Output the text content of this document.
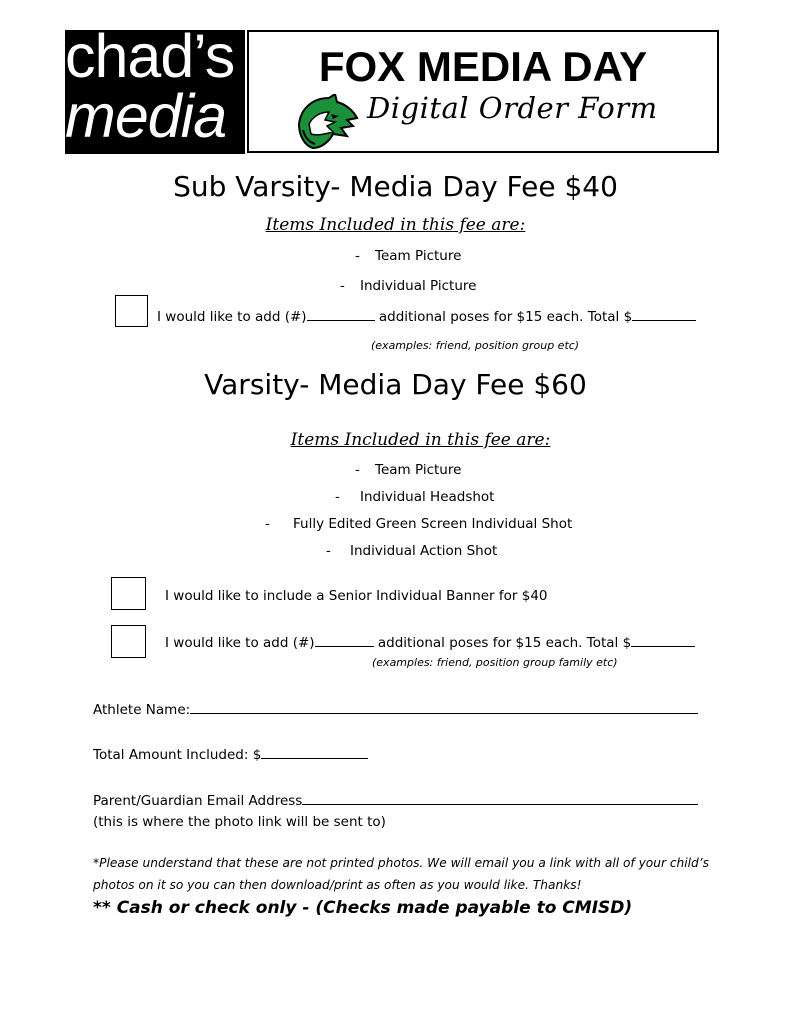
chad’s
media
FOX MEDIA DAY
Digital Order Form
Sub Varsity- Media Day Fee $40
Items Included in this fee are:
- Team Picture
- Individual Picture
I would like to add (#)	additional poses for $15 each. Total $
(examples: friend, position group etc)
Varsity- Media Day Fee $60
Items Included in this fee are:
- Team Picture
- Individual Headshot
- Fully Edited Green Screen Individual Shot
- Individual Action Shot
I would like to include a Senior Individual Banner for $40
I would like to add (#)	additional poses for $15 each. Total $
(examples: friend, position group family etc)
Athlete Name:
Total Amount Included: $
Parent/Guardian Email Address
(this is where the photo link will be sent to)
*Please understand that these are not printed photos. We will email you a link with all of your child’s photos on it so you can then download/print as often as you would like. Thanks!
** Cash or check only - (Checks made payable to CMISD)
